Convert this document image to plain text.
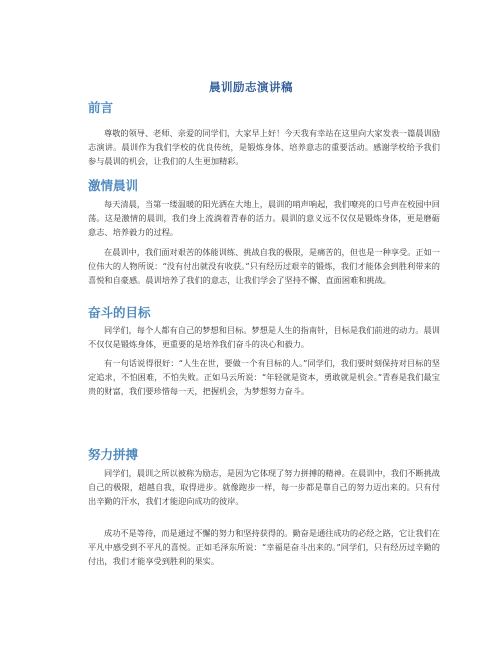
晨训励志演讲稿
前言

尊敬的领导、老师、亲爱的同学们，大家早上好！今天我有幸站在这里向大家发表一篇晨训励志演讲。晨训作为我们学校的优良传统，是锻炼身体、培养意志的重要活动。感谢学校给予我们参与晨训的机会，让我们的人生更加精彩。

激情晨训

每天清晨，当第一缕温暖的阳光洒在大地上，晨训的哨声响起，我们嘹亮的口号声在校园中回荡。这是激情的晨训，我们身上流淌着青春的活力。晨训的意义远不仅仅是锻炼身体，更是磨砺意志、培养毅力的过程。

在晨训中，我们面对艰苦的体能训练、挑战自我的极限，是痛苦的，但也是一种享受。正如一位伟大的人物所说：“没有付出就没有收获。”只有经历过艰辛的锻炼，我们才能体会到胜利带来的喜悦和自豪感。晨训培养了我们的意志，让我们学会了坚持不懈、直面困难和挑战。

奋斗的目标

同学们，每个人都有自己的梦想和目标。梦想是人生的指南针，目标是我们前进的动力。晨训不仅仅是锻炼身体，更重要的是培养我们奋斗的决心和毅力。

有一句话说得很好：“人生在世，要做一个有目标的人。”同学们，我们要时刻保持对目标的坚定追求，不怕困难，不怕失败。正如马云所说：“年轻就是资本，勇敢就是机会。”青春是我们最宝贵的财富，我们要珍惜每一天，把握机会，为梦想努力奋斗。

努力拼搏

同学们，晨训之所以被称为励志，是因为它体现了努力拼搏的精神。在晨训中，我们不断挑战自己的极限，超越自我，取得进步。就像跑步一样，每一步都是靠自己的努力迈出来的。只有付出辛勤的汗水，我们才能迎向成功的彼岸。

成功不是等待，而是通过不懈的努力和坚持获得的。勤奋是通往成功的必经之路，它让我们在平凡中感受到不平凡的喜悦。正如毛泽东所说：“幸福是奋斗出来的。”同学们，只有经历过辛勤的付出，我们才能享受到胜利的果实。
